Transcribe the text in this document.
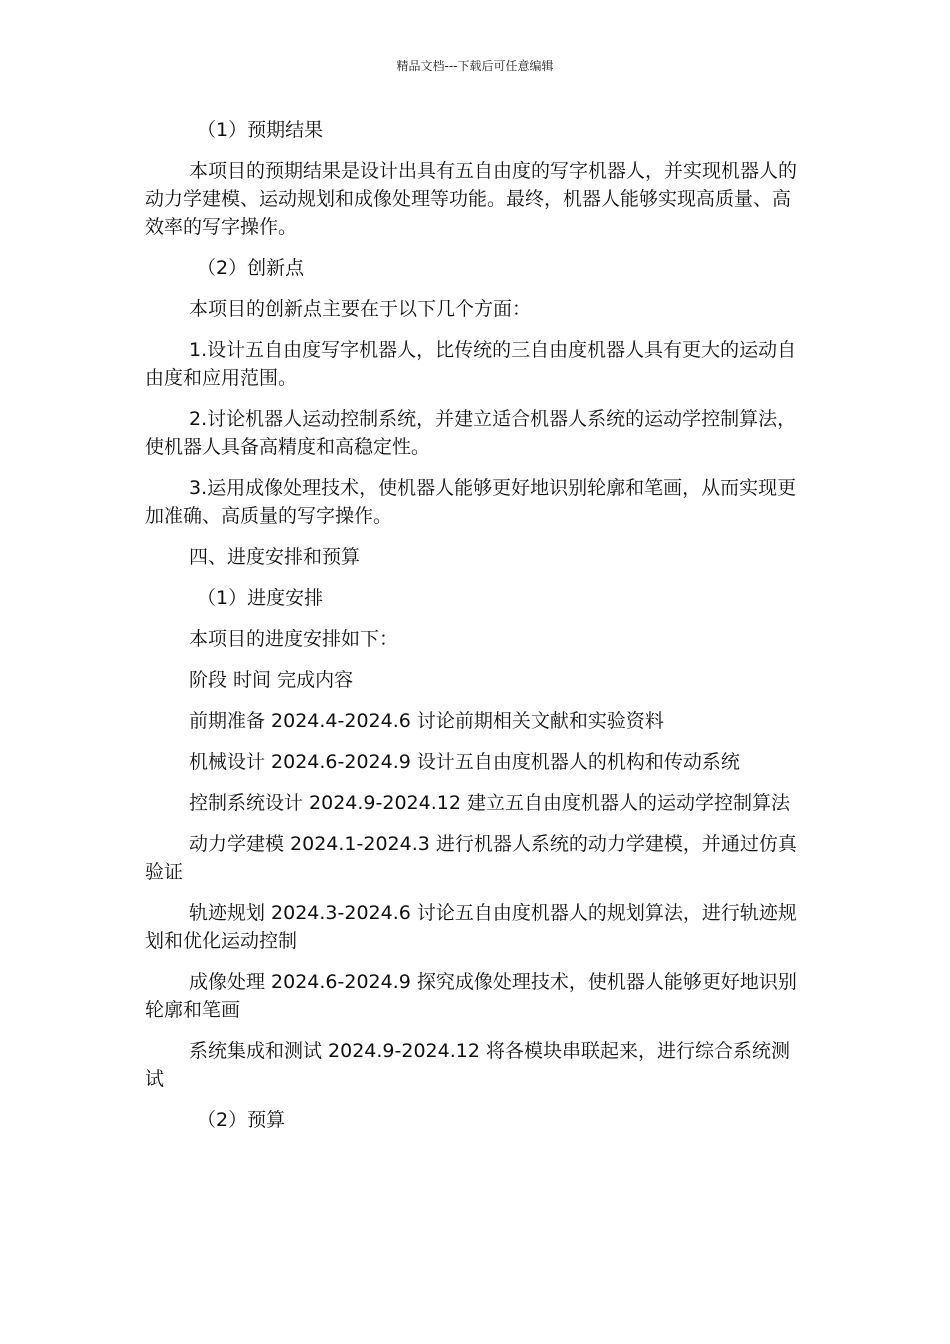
精品文档---下载后可任意编辑

（1）预期结果

本项目的预期结果是设计出具有五自由度的写字机器人，并实现机器人的动力学建模、运动规划和成像处理等功能。最终，机器人能够实现高质量、高效率的写字操作。

（2）创新点

本项目的创新点主要在于以下几个方面：

1.设计五自由度写字机器人，比传统的三自由度机器人具有更大的运动自由度和应用范围。

2.讨论机器人运动控制系统，并建立适合机器人系统的运动学控制算法，使机器人具备高精度和高稳定性。

3.运用成像处理技术，使机器人能够更好地识别轮廓和笔画，从而实现更加准确、高质量的写字操作。

四、进度安排和预算

（1）进度安排

本项目的进度安排如下：

阶段 时间 完成内容

前期准备 2024.4-2024.6 讨论前期相关文献和实验资料

机械设计 2024.6-2024.9 设计五自由度机器人的机构和传动系统

控制系统设计 2024.9-2024.12 建立五自由度机器人的运动学控制算法

动力学建模 2024.1-2024.3 进行机器人系统的动力学建模，并通过仿真验证

轨迹规划 2024.3-2024.6 讨论五自由度机器人的规划算法，进行轨迹规划和优化运动控制

成像处理 2024.6-2024.9 探究成像处理技术，使机器人能够更好地识别轮廓和笔画

系统集成和测试 2024.9-2024.12 将各模块串联起来，进行综合系统测试

（2）预算
